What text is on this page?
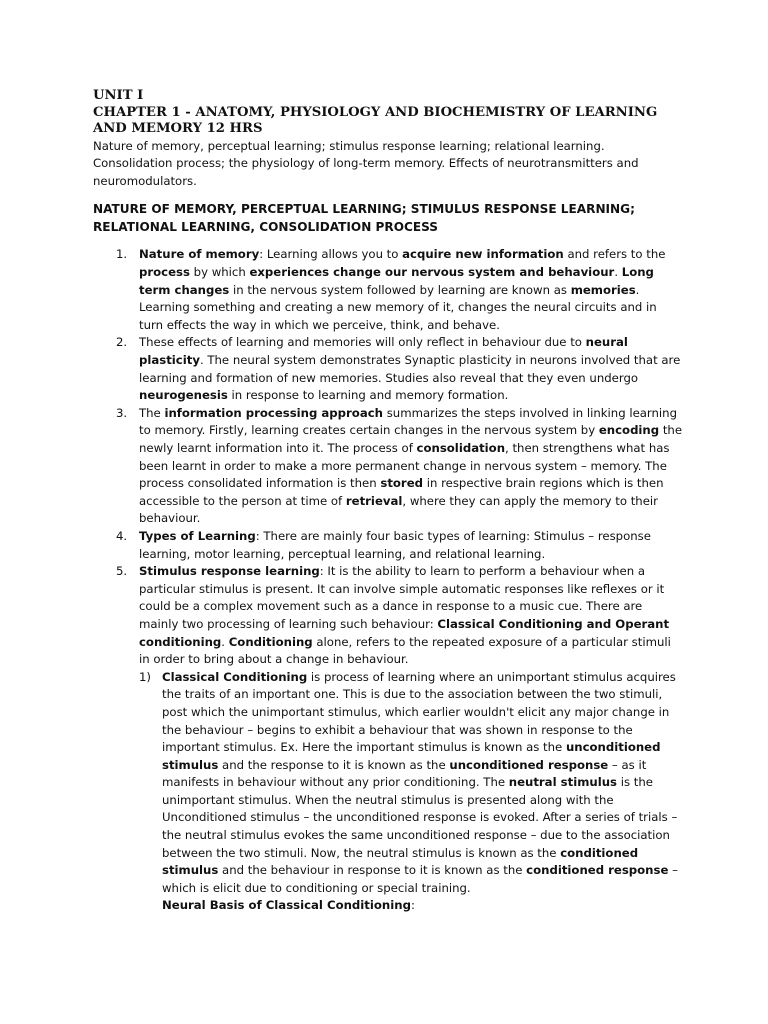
UNIT I
CHAPTER 1 - ANATOMY, PHYSIOLOGY AND BIOCHEMISTRY OF LEARNING AND MEMORY 12 HRS
Nature of memory, perceptual learning; stimulus response learning; relational learning. Consolidation process; the physiology of long-term memory. Effects of neurotransmitters and neuromodulators.
NATURE OF MEMORY, PERCEPTUAL LEARNING; STIMULUS RESPONSE LEARNING; RELATIONAL LEARNING, CONSOLIDATION PROCESS
1. Nature of memory: Learning allows you to acquire new information and refers to the process by which experiences change our nervous system and behaviour. Long term changes in the nervous system followed by learning are known as memories. Learning something and creating a new memory of it, changes the neural circuits and in turn effects the way in which we perceive, think, and behave.
2. These effects of learning and memories will only reflect in behaviour due to neural plasticity. The neural system demonstrates Synaptic plasticity in neurons involved that are learning and formation of new memories. Studies also reveal that they even undergo neurogenesis in response to learning and memory formation.
3. The information processing approach summarizes the steps involved in linking learning to memory. Firstly, learning creates certain changes in the nervous system by encoding the newly learnt information into it. The process of consolidation, then strengthens what has been learnt in order to make a more permanent change in nervous system – memory. The process consolidated information is then stored in respective brain regions which is then accessible to the person at time of retrieval, where they can apply the memory to their behaviour.
4. Types of Learning: There are mainly four basic types of learning: Stimulus – response learning, motor learning, perceptual learning, and relational learning.
5. Stimulus response learning: It is the ability to learn to perform a behaviour when a particular stimulus is present. It can involve simple automatic responses like reflexes or it could be a complex movement such as a dance in response to a music cue. There are mainly two processing of learning such behaviour: Classical Conditioning and Operant conditioning. Conditioning alone, refers to the repeated exposure of a particular stimuli in order to bring about a change in behaviour.
1) Classical Conditioning is process of learning where an unimportant stimulus acquires the traits of an important one. This is due to the association between the two stimuli, post which the unimportant stimulus, which earlier wouldn't elicit any major change in the behaviour – begins to exhibit a behaviour that was shown in response to the important stimulus. Ex. Here the important stimulus is known as the unconditioned stimulus and the response to it is known as the unconditioned response – as it manifests in behaviour without any prior conditioning. The neutral stimulus is the unimportant stimulus. When the neutral stimulus is presented along with the Unconditioned stimulus – the unconditioned response is evoked. After a series of trials – the neutral stimulus evokes the same unconditioned response – due to the association between the two stimuli. Now, the neutral stimulus is known as the conditioned stimulus and the behaviour in response to it is known as the conditioned response – which is elicit due to conditioning or special training.
Neural Basis of Classical Conditioning:
